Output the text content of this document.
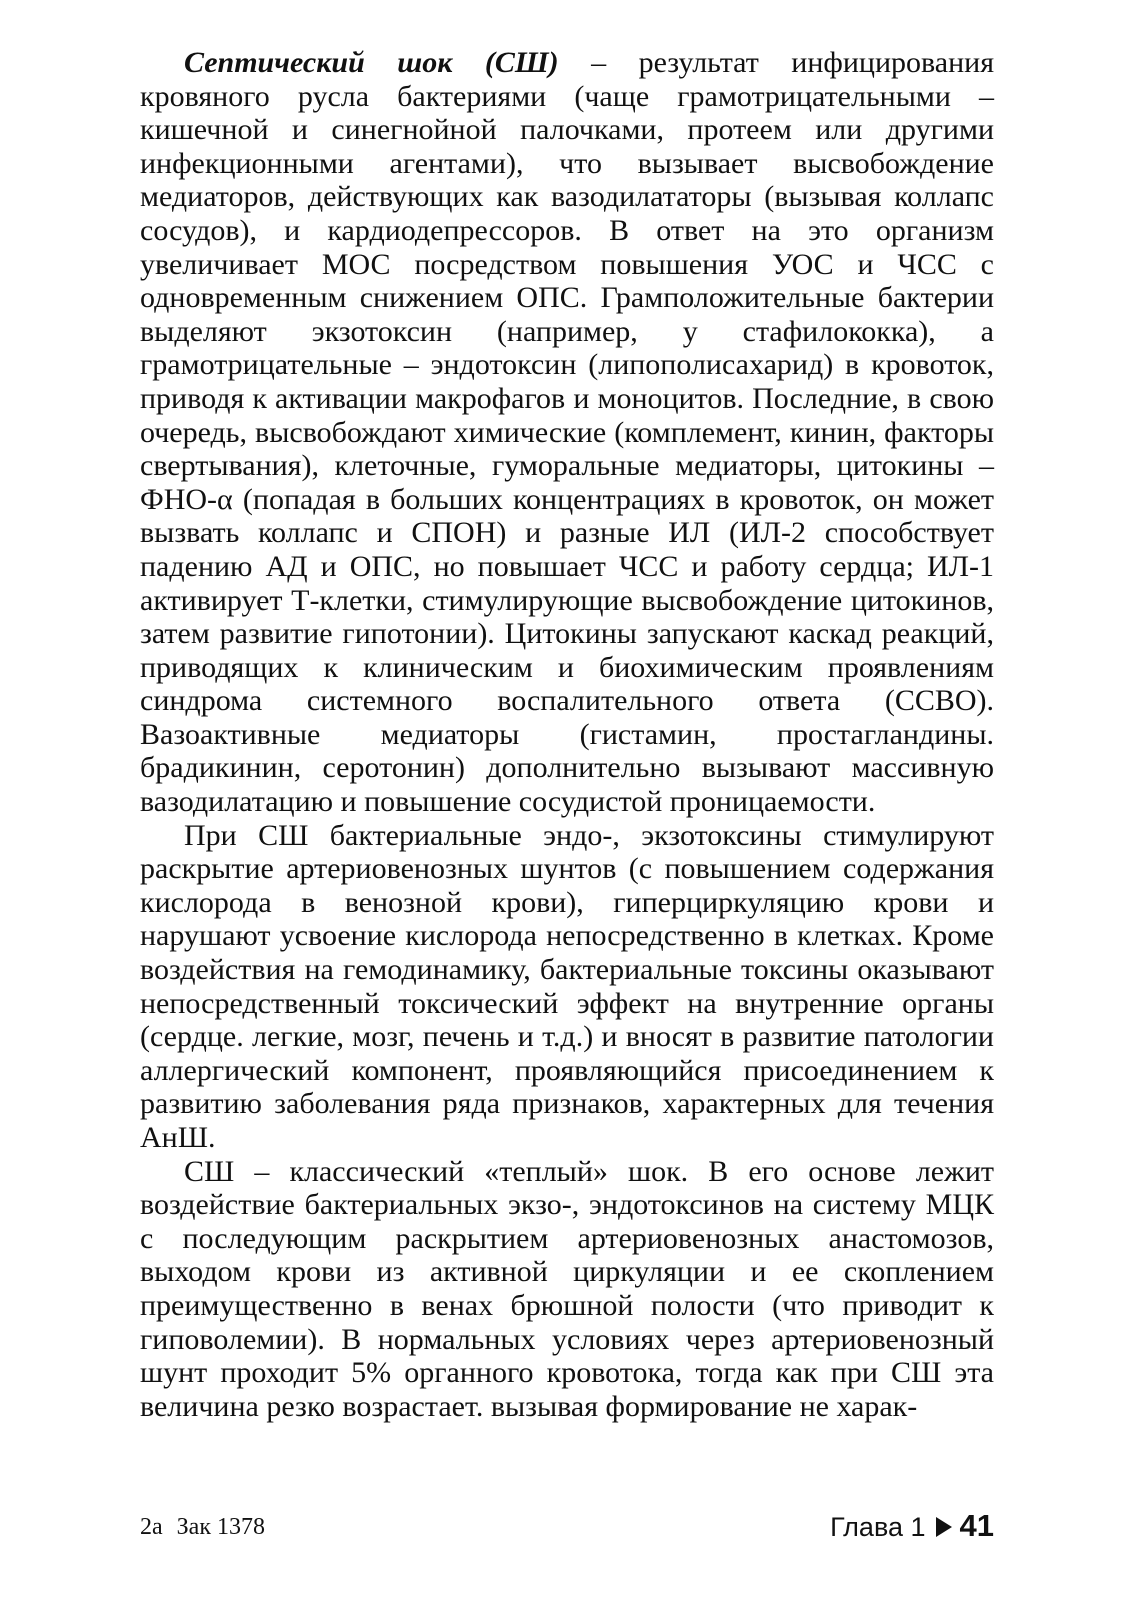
Септический шок (СШ) – результат инфицирования кровяного русла бактериями (чаще грамотрицательными – кишечной и синегнойной палочками, протеем или другими инфекционными агентами), что вызывает высвобождение медиаторов, действующих как вазодилататоры (вызывая коллапс сосудов), и кардиодепрессоров. В ответ на это организм увеличивает МОС посредством повышения УОС и ЧСС с одновременным снижением ОПС. Грамположительные бактерии выделяют экзотоксин (например, у стафилококка), а грамотрицательные – эндотоксин (липополисахарид) в кровоток, приводя к активации макрофагов и моноцитов. Последние, в свою очередь, высвобождают химические (комплемент, кинин, факторы свертывания), клеточные, гуморальные медиаторы, цитокины – ФНО-α (попадая в больших концентрациях в кровоток, он может вызвать коллапс и СПОН) и разные ИЛ (ИЛ-2 способствует падению АД и ОПС, но повышает ЧСС и работу сердца; ИЛ-1 активирует Т-клетки, стимулирующие высвобождение цитокинов, затем развитие гипотонии). Цитокины запускают каскад реакций, приводящих к клиническим и биохимическим проявлениям синдрома системного воспалительного ответа (ССВО). Вазоактивные медиаторы (гистамин, простагландины. брадикинин, серотонин) дополнительно вызывают массивную вазодилатацию и повышение сосудистой проницаемости.

При СШ бактериальные эндо-, экзотоксины стимулируют раскрытие артериовенозных шунтов (с повышением содержания кислорода в венозной крови), гиперциркуляцию крови и нарушают усвоение кислорода непосредственно в клетках. Кроме воздействия на гемодинамику, бактериальные токсины оказывают непосредственный токсический эффект на внутренние органы (сердце. легкие, мозг, печень и т.д.) и вносят в развитие патологии аллергический компонент, проявляющийся присоединением к развитию заболевания ряда признаков, характерных для течения АнШ.

СШ – классический «теплый» шок. В его основе лежит воздействие бактериальных экзо-, эндотоксинов на систему МЦК с последующим раскрытием артериовенозных анастомозов, выходом крови из активной циркуляции и ее скоплением преимущественно в венах брюшной полости (что приводит к гиповолемии). В нормальных условиях через артериовенозный шунт проходит 5% органного кровотока, тогда как при СШ эта величина резко возрастает. вызывая формирование не харак-

2а Зак 1378	Глава 1 41
